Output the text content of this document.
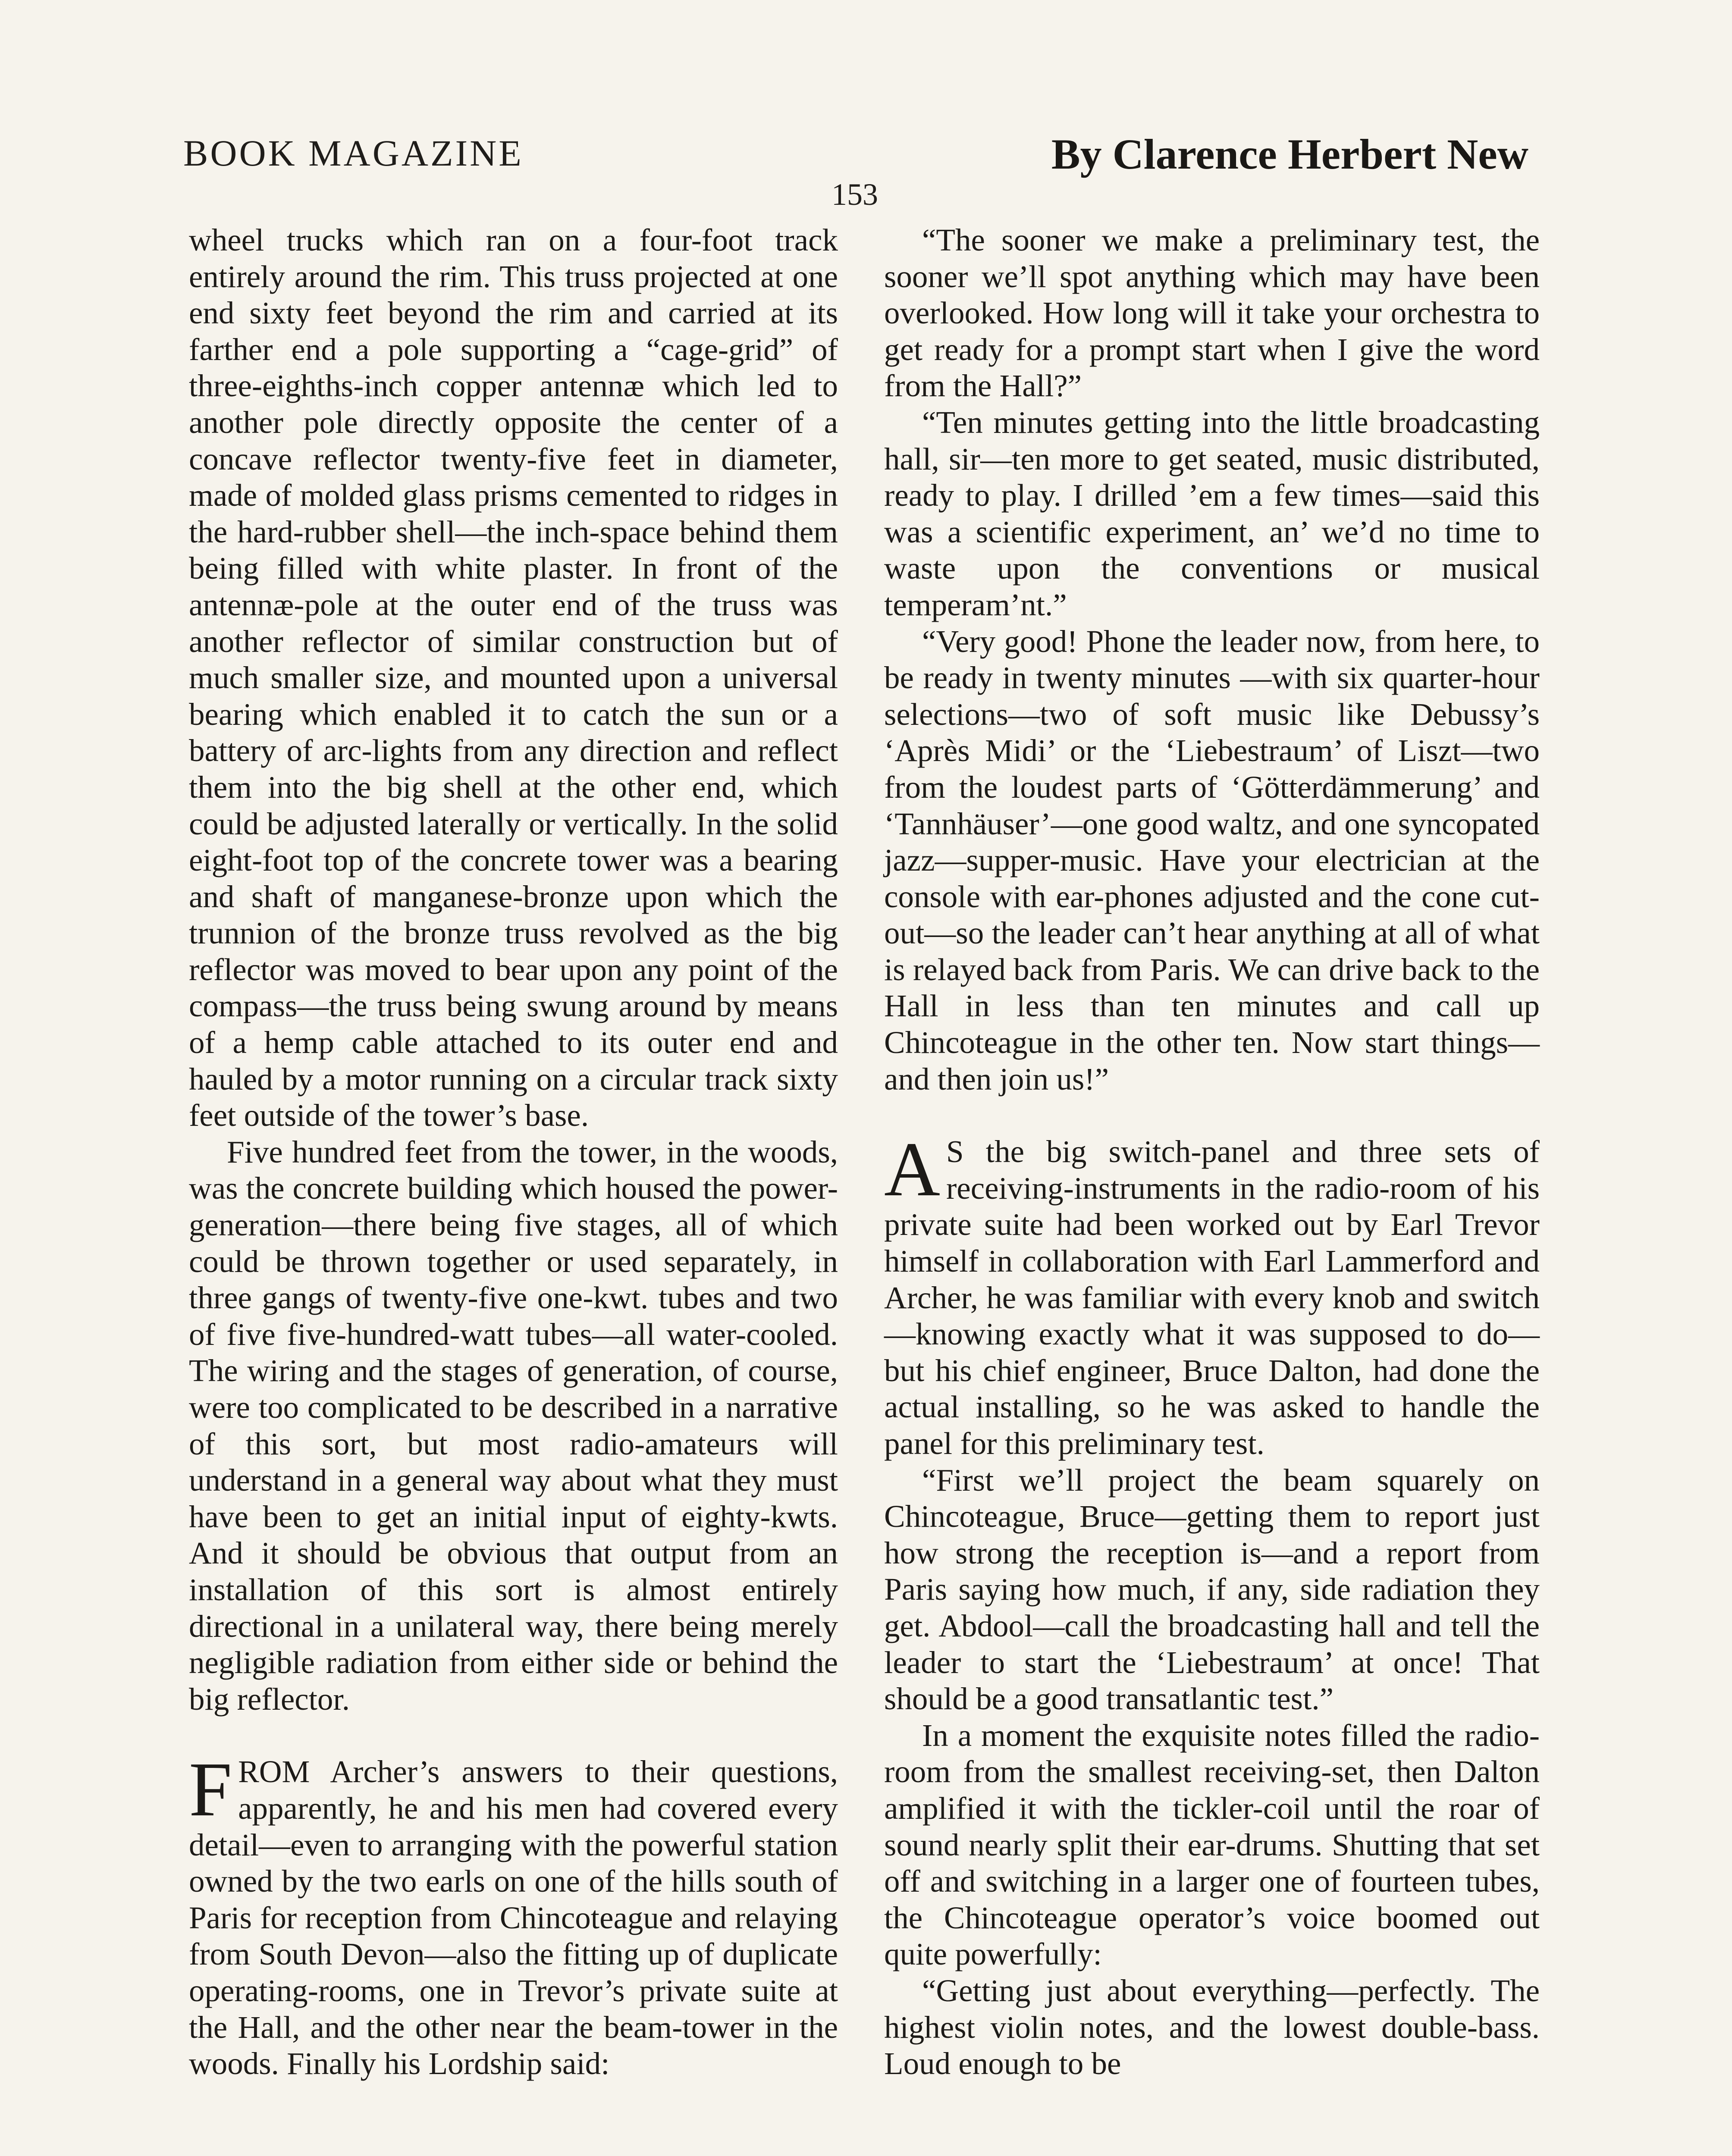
BOOK MAGAZINE	By Clarence Herbert New
153

wheel trucks which ran on a four-foot track entirely around the rim. This truss projected at one end sixty feet beyond the rim and carried at its farther end a pole supporting a “cage-grid” of three-eighths-inch copper antennæ which led to another pole directly opposite the center of a concave reflector twenty-five feet in diameter, made of molded glass prisms cemented to ridges in the hard-rubber shell—the inch-space behind them being filled with white plaster. In front of the antennæ-pole at the outer end of the truss was another reflector of similar construction but of much smaller size, and mounted upon a universal bearing which enabled it to catch the sun or a battery of arc-lights from any direction and reflect them into the big shell at the other end, which could be adjusted laterally or vertically. In the solid eight-foot top of the concrete tower was a bearing and shaft of manganese-bronze upon which the trunnion of the bronze truss revolved as the big reflector was moved to bear upon any point of the compass—the truss being swung around by means of a hemp cable attached to its outer end and hauled by a motor running on a circular track sixty feet outside of the tower’s base.

Five hundred feet from the tower, in the woods, was the concrete building which housed the power-generation—there being five stages, all of which could be thrown together or used separately, in three gangs of twenty-five one-kwt. tubes and two of five five-hundred-watt tubes—all water-cooled. The wiring and the stages of generation, of course, were too complicated to be described in a narrative of this sort, but most radio-amateurs will understand in a general way about what they must have been to get an initial input of eighty-kwts. And it should be obvious that output from an installation of this sort is almost entirely directional in a unilateral way, there being merely negligible radiation from either side or behind the big reflector.

FROM Archer’s answers to their questions, apparently, he and his men had covered every detail—even to arranging with the powerful station owned by the two earls on one of the hills south of Paris for reception from Chincoteague and relaying from South Devon—also the fitting up of duplicate operating-rooms, one in Trevor’s private suite at the Hall, and the other near the beam-tower in the woods. Finally his Lordship said:

“The sooner we make a preliminary test, the sooner we’ll spot anything which may have been overlooked. How long will it take your orchestra to get ready for a prompt start when I give the word from the Hall?”

“Ten minutes getting into the little broadcasting hall, sir—ten more to get seated, music distributed, ready to play. I drilled ’em a few times—said this was a scientific experiment, an’ we’d no time to waste upon the conventions or musical temperam’nt.”

“Very good! Phone the leader now, from here, to be ready in twenty minutes —with six quarter-hour selections—two of soft music like Debussy’s ‘Après Midi’ or the ‘Liebestraum’ of Liszt—two from the loudest parts of ‘Götterdämmerung’ and ‘Tannhäuser’—one good waltz, and one syncopated jazz—supper-music. Have your electrician at the console with ear-phones adjusted and the cone cut-out—so the leader can’t hear anything at all of what is relayed back from Paris. We can drive back to the Hall in less than ten minutes and call up Chincoteague in the other ten. Now start things—and then join us!”

A S the big switch-panel and three sets of receiving-instruments in the radio-room of his private suite had been worked out by Earl Trevor himself in collaboration with Earl Lammerford and Archer, he was familiar with every knob and switch—knowing exactly what it was supposed to do—but his chief engineer, Bruce Dalton, had done the actual installing, so he was asked to handle the panel for this preliminary test.

“First we’ll project the beam squarely on Chincoteague, Bruce—getting them to report just how strong the reception is—and a report from Paris saying how much, if any, side radiation they get. Abdool—call the broadcasting hall and tell the leader to start the ‘Liebestraum’ at once! That should be a good transatlantic test.”

In a moment the exquisite notes filled the radio-room from the smallest receiving-set, then Dalton amplified it with the tickler-coil until the roar of sound nearly split their ear-drums. Shutting that set off and switching in a larger one of fourteen tubes, the Chincoteague operator’s voice boomed out quite powerfully:

“Getting just about everything—perfectly. The highest violin notes, and the lowest double-bass. Loud enough to be
